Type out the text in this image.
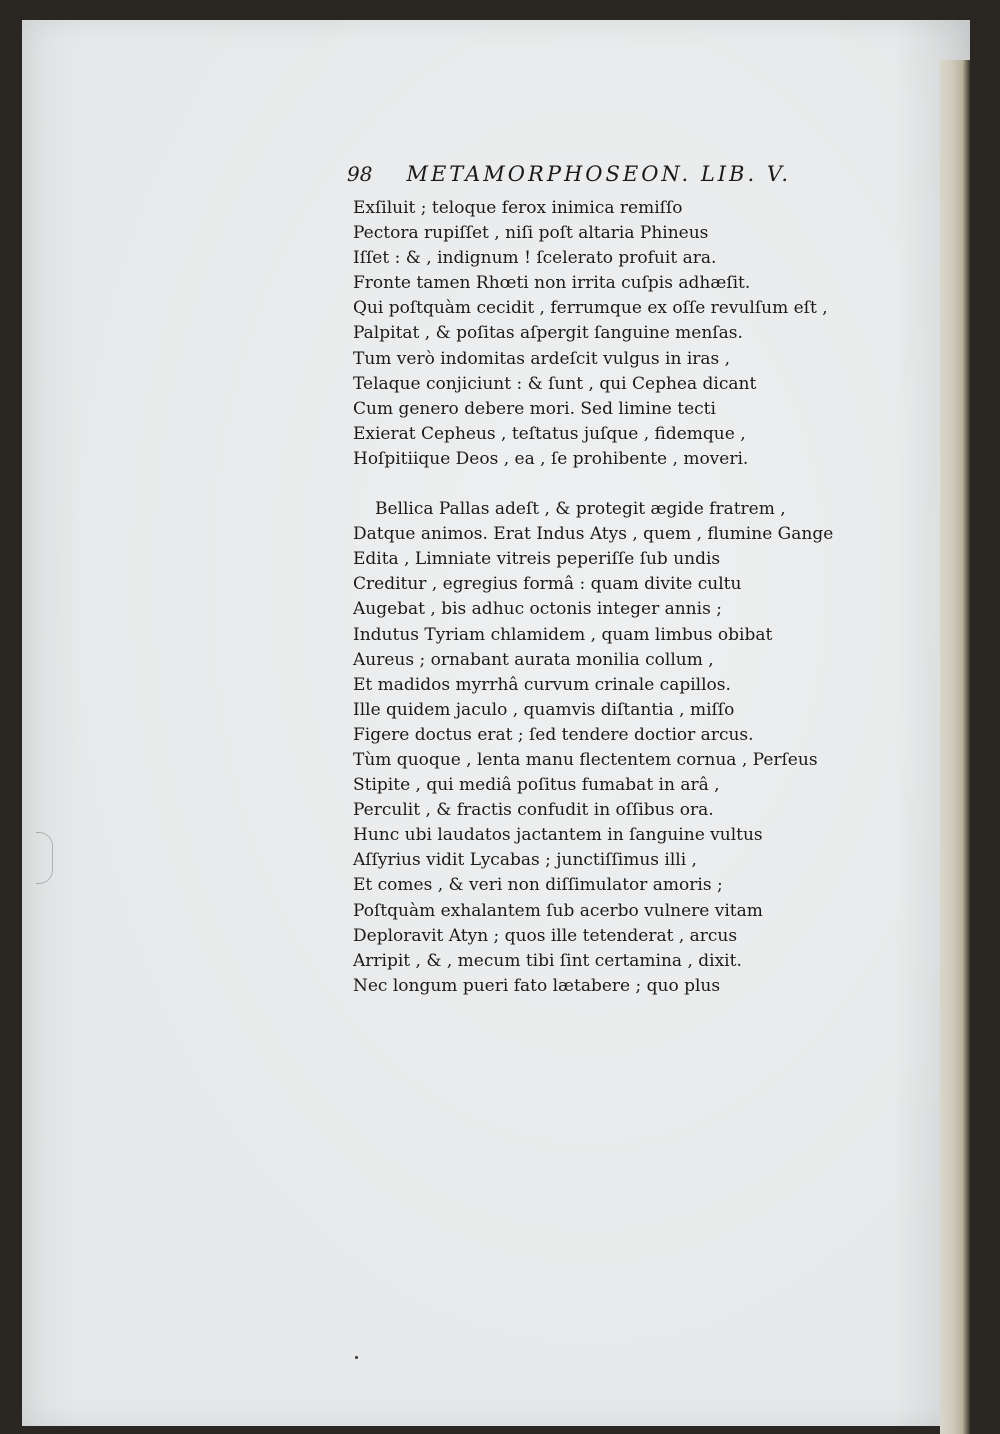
98 METAMORPHOSEON. LIB. V.
Exſiluit ; teloque ferox inimica remiſſo
Pectora rupiſſet , niſi poſt altaria Phineus
Iſſet : & , indignum ! ſcelerato profuit ara.
Fronte tamen Rhœti non irrita cuſpis adhæſit.
Qui poſtquàm cecidit , ferrumque ex oſſe revulſum eſt ,
Palpitat , & poſitas aſpergit ſanguine menſas.
Tum verò indomitas ardeſcit vulgus in iras ,
Telaque conjiciunt : & ſunt , qui Cephea dicant
Cum genero debere mori. Sed limine tecti
Exierat Cepheus , teſtatus juſque , fidemque ,
Hoſpitiique Deos , ea , ſe prohibente , moveri.
Bellica Pallas adeſt , & protegit ægide fratrem ,
Datque animos. Erat Indus Atys , quem , flumine Gange
Edita , Limniate vitreis peperiſſe ſub undis
Creditur , egregius formâ : quam divite cultu
Augebat , bis adhuc octonis integer annis ;
Indutus Tyriam chlamidem , quam limbus obibat
Aureus ; ornabant aurata monilia collum ,
Et madidos myrrhâ curvum crinale capillos.
Ille quidem jaculo , quamvis diſtantia , miſſo
Figere doctus erat ; ſed tendere doctior arcus.
Tùm quoque , lenta manu flectentem cornua , Perſeus
Stipite , qui mediâ poſitus fumabat in arâ ,
Perculit , & fractis confudit in oſſibus ora.
Hunc ubi laudatos jactantem in ſanguine vultus
Aſſyrius vidit Lycabas ; junctiſſimus illi ,
Et comes , & veri non diſſimulator amoris ;
Poſtquàm exhalantem ſub acerbo vulnere vitam
Deploravit Atyn ; quos ille tetenderat , arcus
Arripit , & , mecum tibi ſint certamina , dixit.
Nec longum pueri fato lætabere ; quo plus
